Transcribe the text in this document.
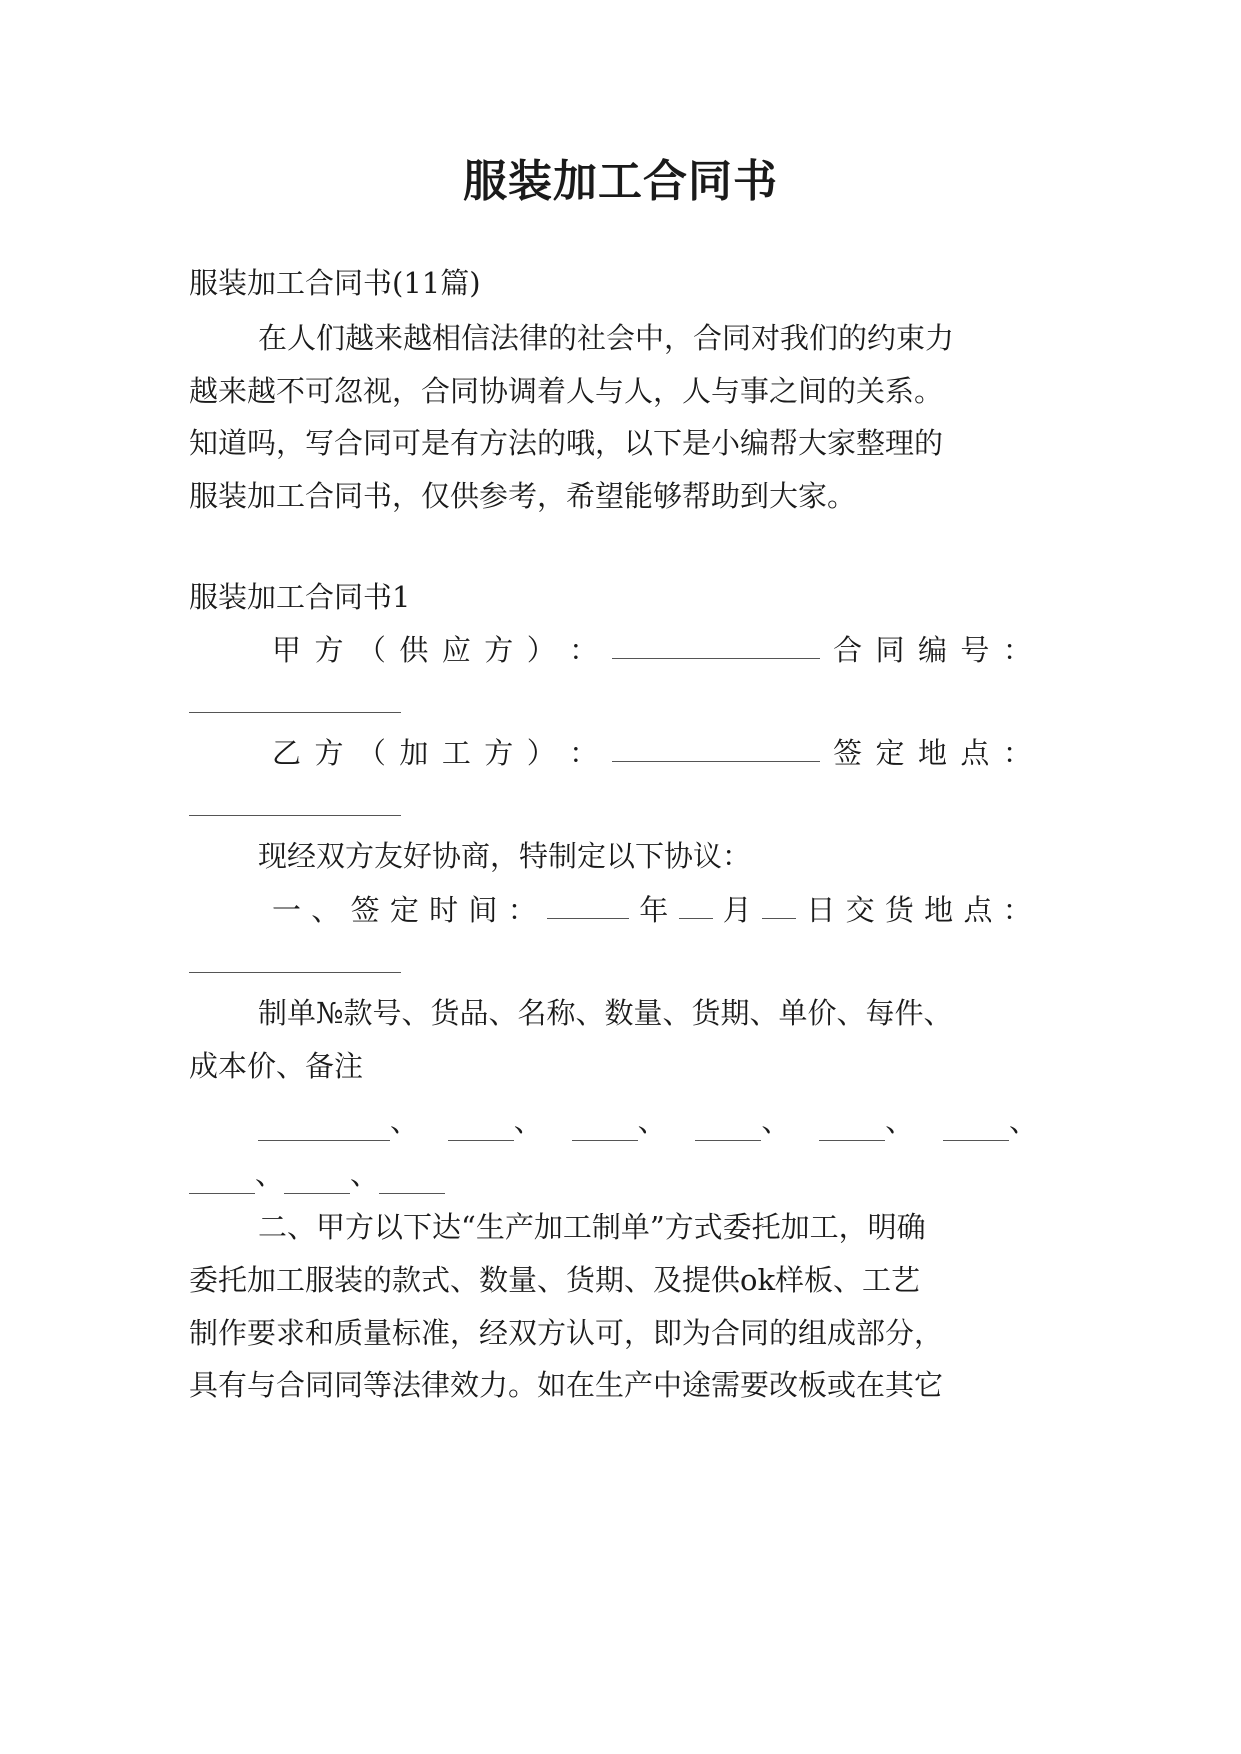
服装加工合同书
服装加工合同书(11篇)
在人们越来越相信法律的社会中，合同对我们的约束力
越来越不可忽视，合同协调着人与人，人与事之间的关系。
知道吗，写合同可是有方法的哦，以下是小编帮大家整理的
服装加工合同书，仅供参考，希望能够帮助到大家。
服装加工合同书1
甲 方 （ 供 应 方 ） ：	合 同 编 号 ：
乙 方 （ 加 工 方 ） ：	签 定 地 点 ：
现经双方友好协商，特制定以下协议：
一 、 签 定 时 间 ：	年 月 日 交 货 地 点 ：
制单№款号、货品、名称、数量、货期、单价、每件、
成本价、备注
、	、	、	、	、	、
、 、
二、甲方以下达“生产加工制单”方式委托加工，明确
委托加工服装的款式、数量、货期、及提供ok样板、工艺
制作要求和质量标准，经双方认可，即为合同的组成部分，
具有与合同同等法律效力。如在生产中途需要改板或在其它
